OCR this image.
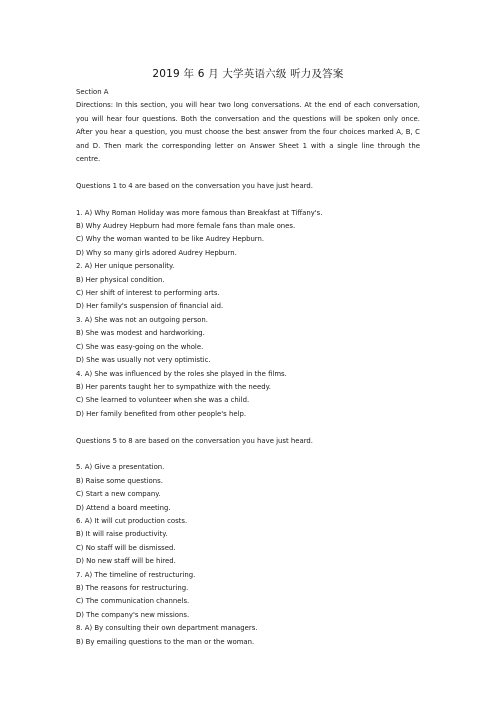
2019 年 6 月 大学英语六级 听力及答案
Section A
Directions: In this section, you will hear two long conversations. At the end of each conversation, you will hear four questions. Both the conversation and the questions will be spoken only once. After you hear a question, you must choose the best answer from the four choices marked A, B, C and D. Then mark the corresponding letter on Answer Sheet 1 with a single line through the centre.
Questions 1 to 4 are based on the conversation you have just heard.
1. A) Why Roman Holiday was more famous than Breakfast at Tiffany's.
B) Why Audrey Hepburn had more female fans than male ones.
C) Why the woman wanted to be like Audrey Hepburn.
D) Why so many girls adored Audrey Hepburn.
2. A) Her unique personality.
B) Her physical condition.
C) Her shift of interest to performing arts.
D) Her family's suspension of financial aid.
3. A) She was not an outgoing person.
B) She was modest and hardworking.
C) She was easy-going on the whole.
D) She was usually not very optimistic.
4. A) She was influenced by the roles she played in the films.
B) Her parents taught her to sympathize with the needy.
C) She learned to volunteer when she was a child.
D) Her family benefited from other people's help.
Questions 5 to 8 are based on the conversation you have just heard.
5. A) Give a presentation.
B) Raise some questions.
C) Start a new company.
D) Attend a board meeting.
6. A) It will cut production costs.
B) It will raise productivity.
C) No staff will be dismissed.
D) No new staff will be hired.
7. A) The timeline of restructuring.
B) The reasons for restructuring.
C) The communication channels.
D) The company's new missions.
8. A) By consulting their own department managers.
B) By emailing questions to the man or the woman.
